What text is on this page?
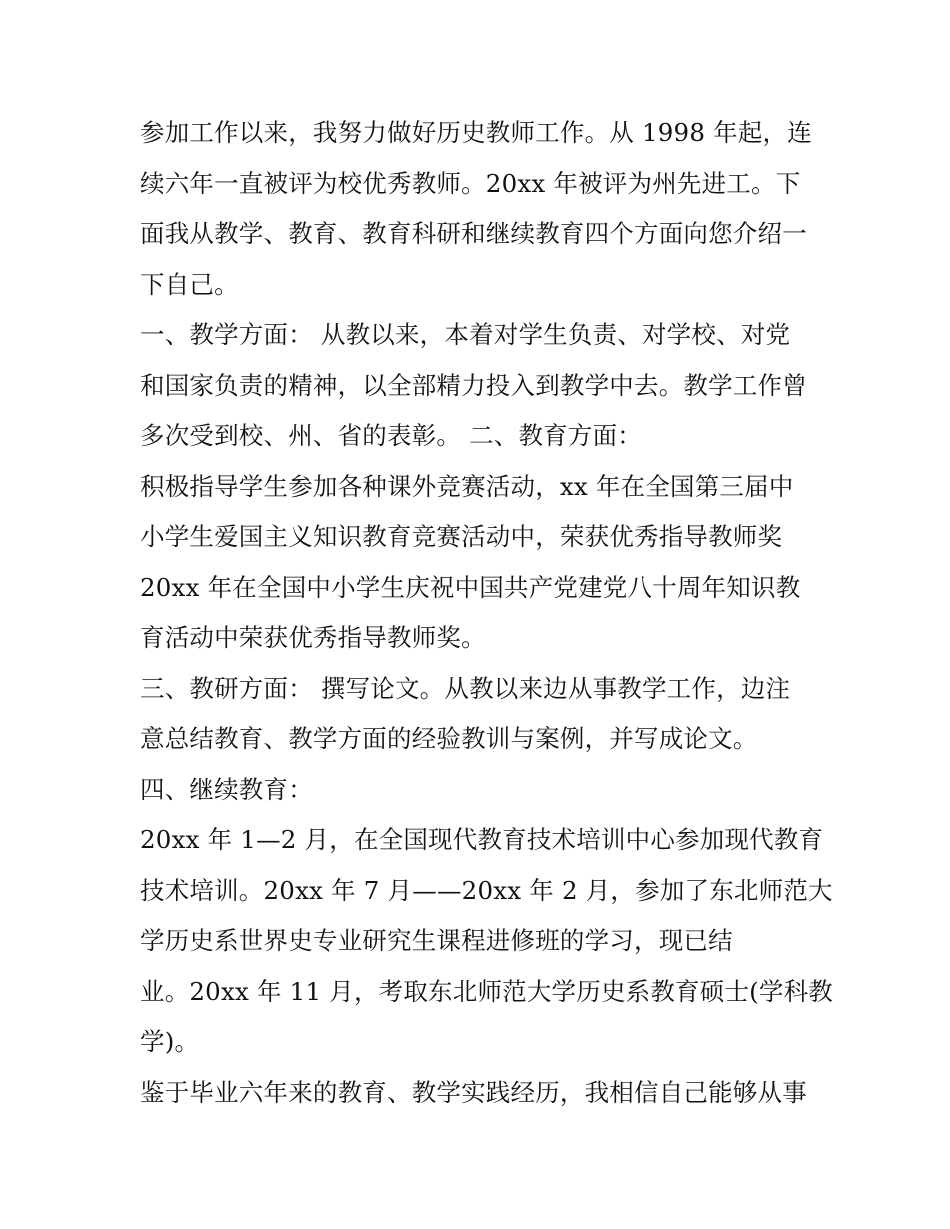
参加工作以来，我努力做好历史教师工作。从 1998 年起，连
续六年一直被评为校优秀教师。20xx 年被评为州先进工。下
面我从教学、教育、教育科研和继续教育四个方面向您介绍一
下自己。
一、教学方面： 从教以来，本着对学生负责、对学校、对党
和国家负责的精神，以全部精力投入到教学中去。教学工作曾
多次受到校、州、省的表彰。 二、教育方面：
积极指导学生参加各种课外竞赛活动，xx 年在全国第三届中
小学生爱国主义知识教育竞赛活动中，荣获优秀指导教师奖
20xx 年在全国中小学生庆祝中国共产党建党八十周年知识教
育活动中荣获优秀指导教师奖。
三、教研方面： 撰写论文。从教以来边从事教学工作，边注
意总结教育、教学方面的经验教训与案例，并写成论文。
四、继续教育：
20xx 年 1—2 月，在全国现代教育技术培训中心参加现代教育
技术培训。20xx 年 7 月——20xx 年 2 月，参加了东北师范大
学历史系世界史专业研究生课程进修班的学习，现已结
业。20xx 年 11 月，考取东北师范大学历史系教育硕士(学科教
学)。
鉴于毕业六年来的教育、教学实践经历，我相信自己能够从事
